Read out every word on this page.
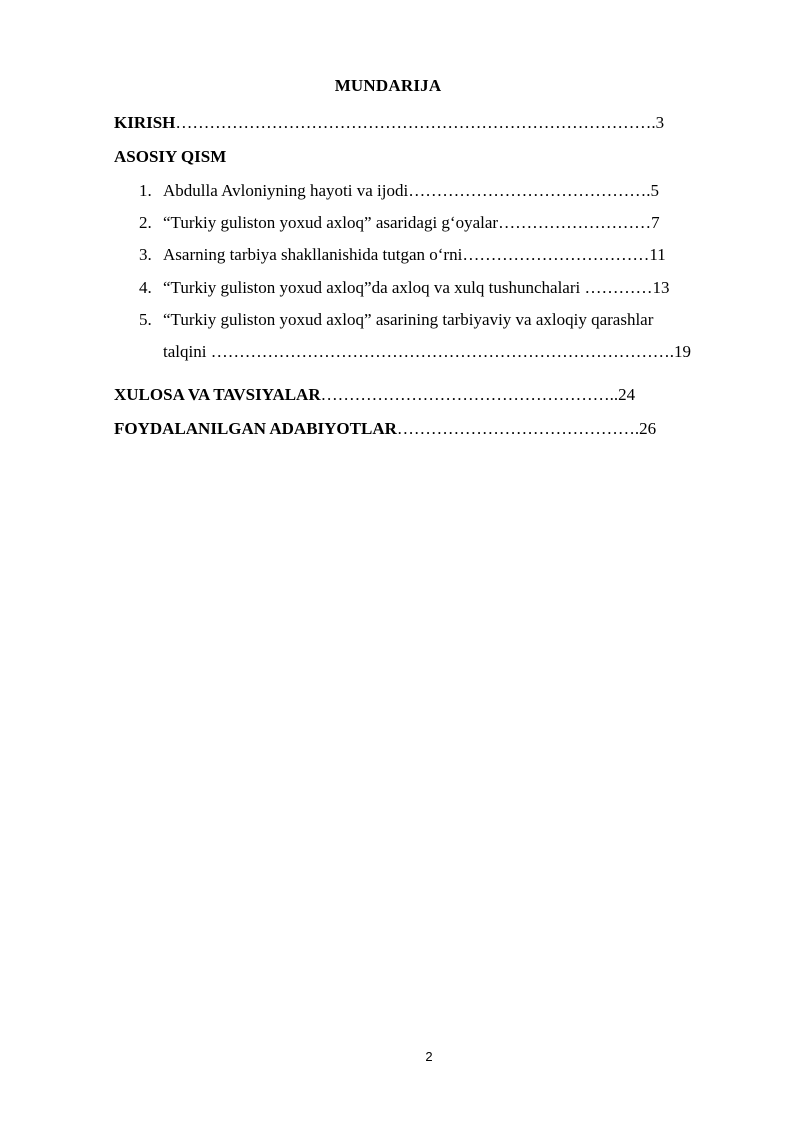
MUNDARIJA
KIRISH………………………………………………………………………….3
ASOSIY QISM
1. Abdulla Avloniyning hayoti va ijodi…………………………………….5
2. “Turkiy guliston yoxud axloq” asaridagi g‘oyalar………………………7
3. Asarning tarbiya shakllanishida tutgan o‘rni……………………………11
4. “Turkiy guliston yoxud axloq”da axloq va xulq tushunchalari …………13
5. “Turkiy guliston yoxud axloq” asarining tarbiyaviy va axloqiy qarashlar
talqini ……………………………………………………………………….19
XULOSA VA TAVSIYALAR……………………………………………..24
FOYDALANILGAN ADABIYOTLAR…………………………………….26
2
